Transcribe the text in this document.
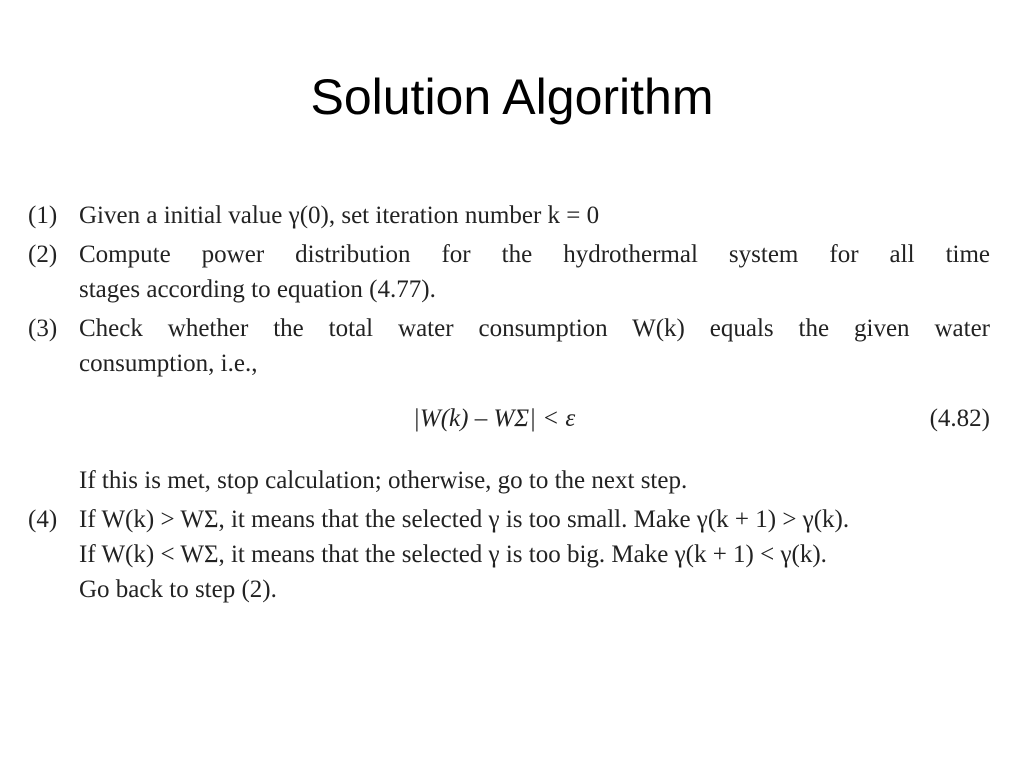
Solution Algorithm
(1) Given a initial value γ(0), set iteration number k = 0
(2) Compute power distribution for the hydrothermal system for all time
stages according to equation (4.77).
(3) Check whether the total water consumption W(k) equals the given water
consumption, i.e.,
|W(k) – WΣ| < ε	(4.82)
If this is met, stop calculation; otherwise, go to the next step.
(4) If W(k) > WΣ, it means that the selected γ is too small. Make γ(k + 1) > γ(k).
If W(k) < WΣ, it means that the selected γ is too big. Make γ(k + 1) < γ(k).
Go back to step (2).
